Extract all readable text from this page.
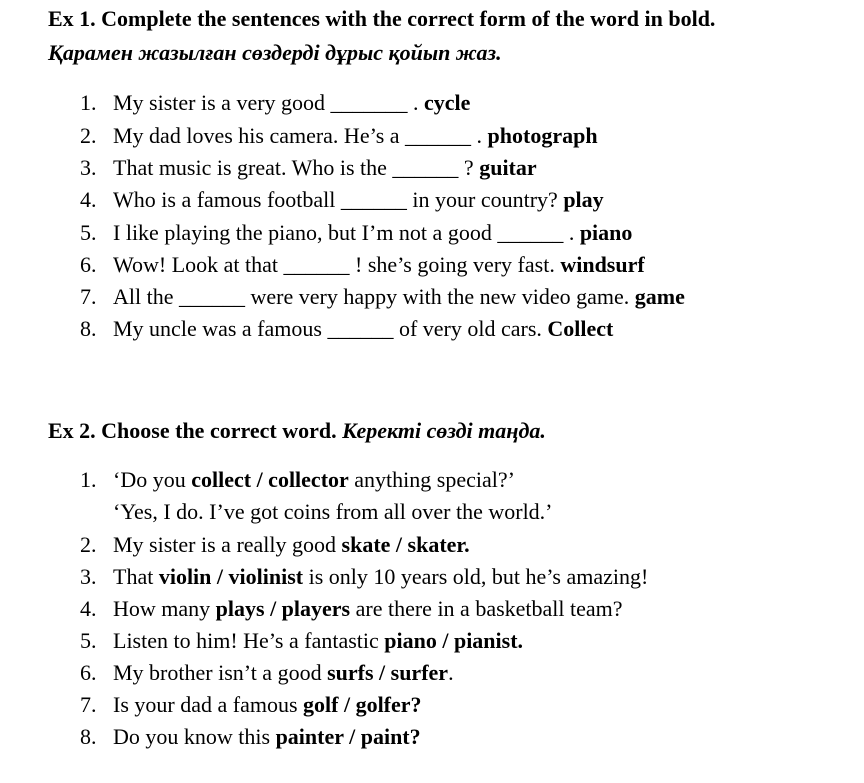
Ex 1. Complete the sentences with the correct form of the word in bold.
Қарамен жазылған сөздерді дұрыс қойып жаз.
1. My sister is a very good _______ . cycle
2. My dad loves his camera. He’s a ______ . photograph
3. That music is great. Who is the ______ ? guitar
4. Who is a famous football ______ in your country? play
5. I like playing the piano, but I’m not a good ______ . piano
6. Wow! Look at that ______ ! she’s going very fast. windsurf
7. All the ______ were very happy with the new video game. game
8. My uncle was a famous ______ of very old cars. Collect
Ex 2. Choose the correct word. Керекті сөзді таңда.
1. ‘Do you collect / collector anything special?’
‘Yes, I do. I’ve got coins from all over the world.’
2. My sister is a really good skate / skater.
3. That violin / violinist is only 10 years old, but he’s amazing!
4. How many plays / players are there in a basketball team?
5. Listen to him! He’s a fantastic piano / pianist.
6. My brother isn’t a good surfs / surfer.
7. Is your dad a famous golf / golfer?
8. Do you know this painter / paint?
